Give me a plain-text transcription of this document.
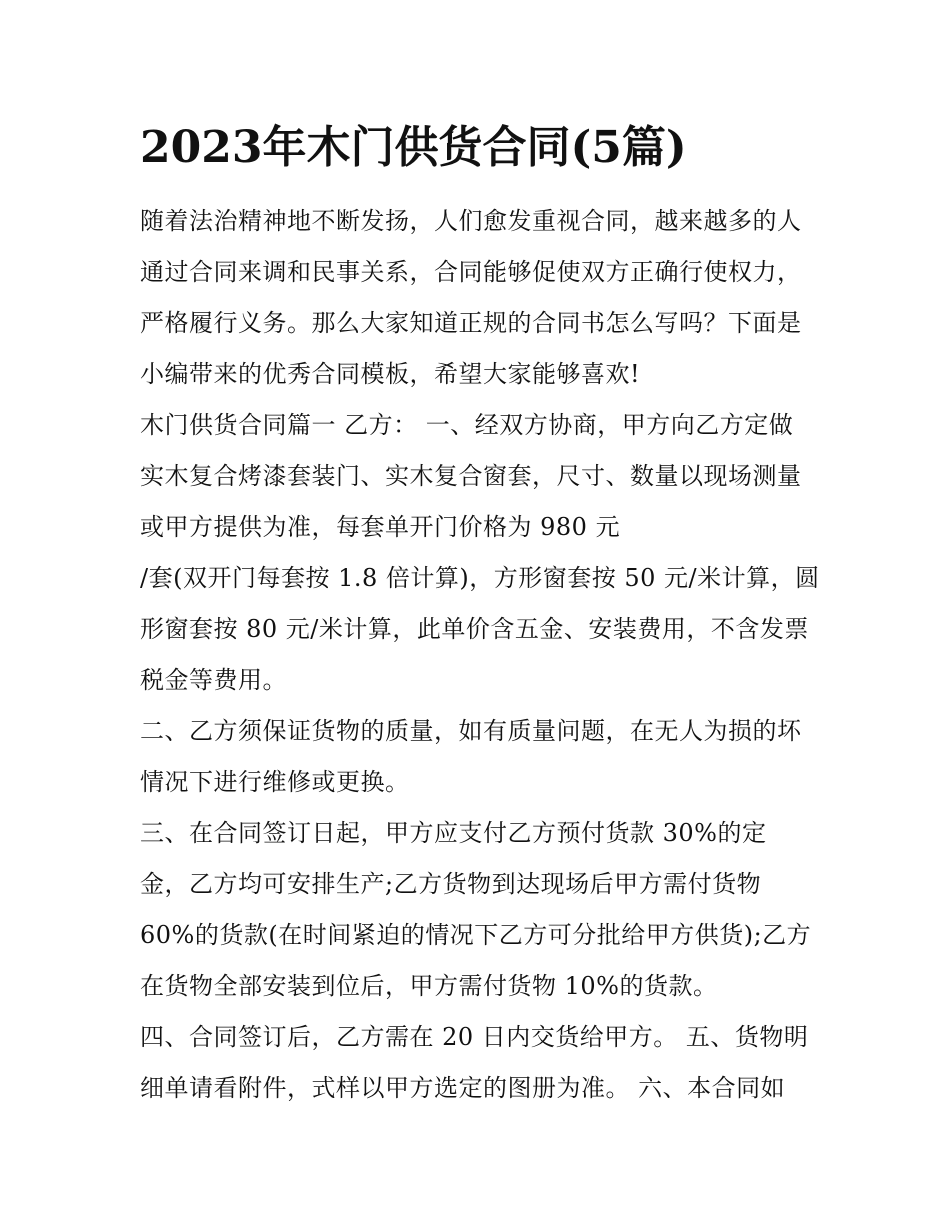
2023年木门供货合同(5篇)

随着法治精神地不断发扬，人们愈发重视合同，越来越多的人

通过合同来调和民事关系，合同能够促使双方正确行使权力，

严格履行义务。那么大家知道正规的合同书怎么写吗？下面是

小编带来的优秀合同模板，希望大家能够喜欢!

木门供货合同篇一 乙方： 一、经双方协商，甲方向乙方定做

实木复合烤漆套装门、实木复合窗套，尺寸、数量以现场测量

或甲方提供为准，每套单开门价格为 980 元

/套(双开门每套按 1.8 倍计算)，方形窗套按 50 元/米计算，圆

形窗套按 80 元/米计算，此单价含五金、安装费用，不含发票

税金等费用。

二、乙方须保证货物的质量，如有质量问题，在无人为损的坏

情况下进行维修或更换。

三、在合同签订日起，甲方应支付乙方预付货款 30%的定

金，乙方均可安排生产;乙方货物到达现场后甲方需付货物

60%的货款(在时间紧迫的情况下乙方可分批给甲方供货);乙方

在货物全部安装到位后，甲方需付货物 10%的货款。

四、合同签订后，乙方需在 20 日内交货给甲方。 五、货物明

细单请看附件，式样以甲方选定的图册为准。 六、本合同如
